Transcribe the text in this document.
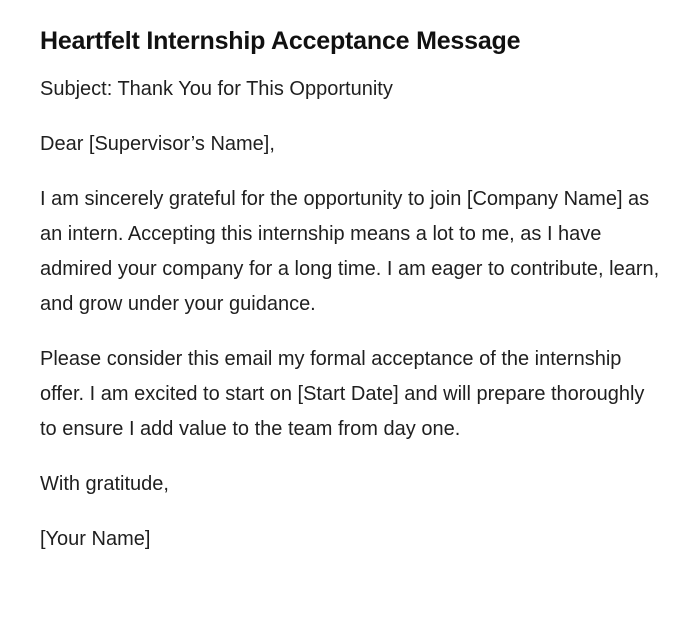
Heartfelt Internship Acceptance Message

Subject: Thank You for This Opportunity

Dear [Supervisor’s Name],

I am sincerely grateful for the opportunity to join [Company Name] as an intern. Accepting this internship means a lot to me, as I have admired your company for a long time. I am eager to contribute, learn, and grow under your guidance.

Please consider this email my formal acceptance of the internship offer. I am excited to start on [Start Date] and will prepare thoroughly to ensure I add value to the team from day one.

With gratitude,

[Your Name]
